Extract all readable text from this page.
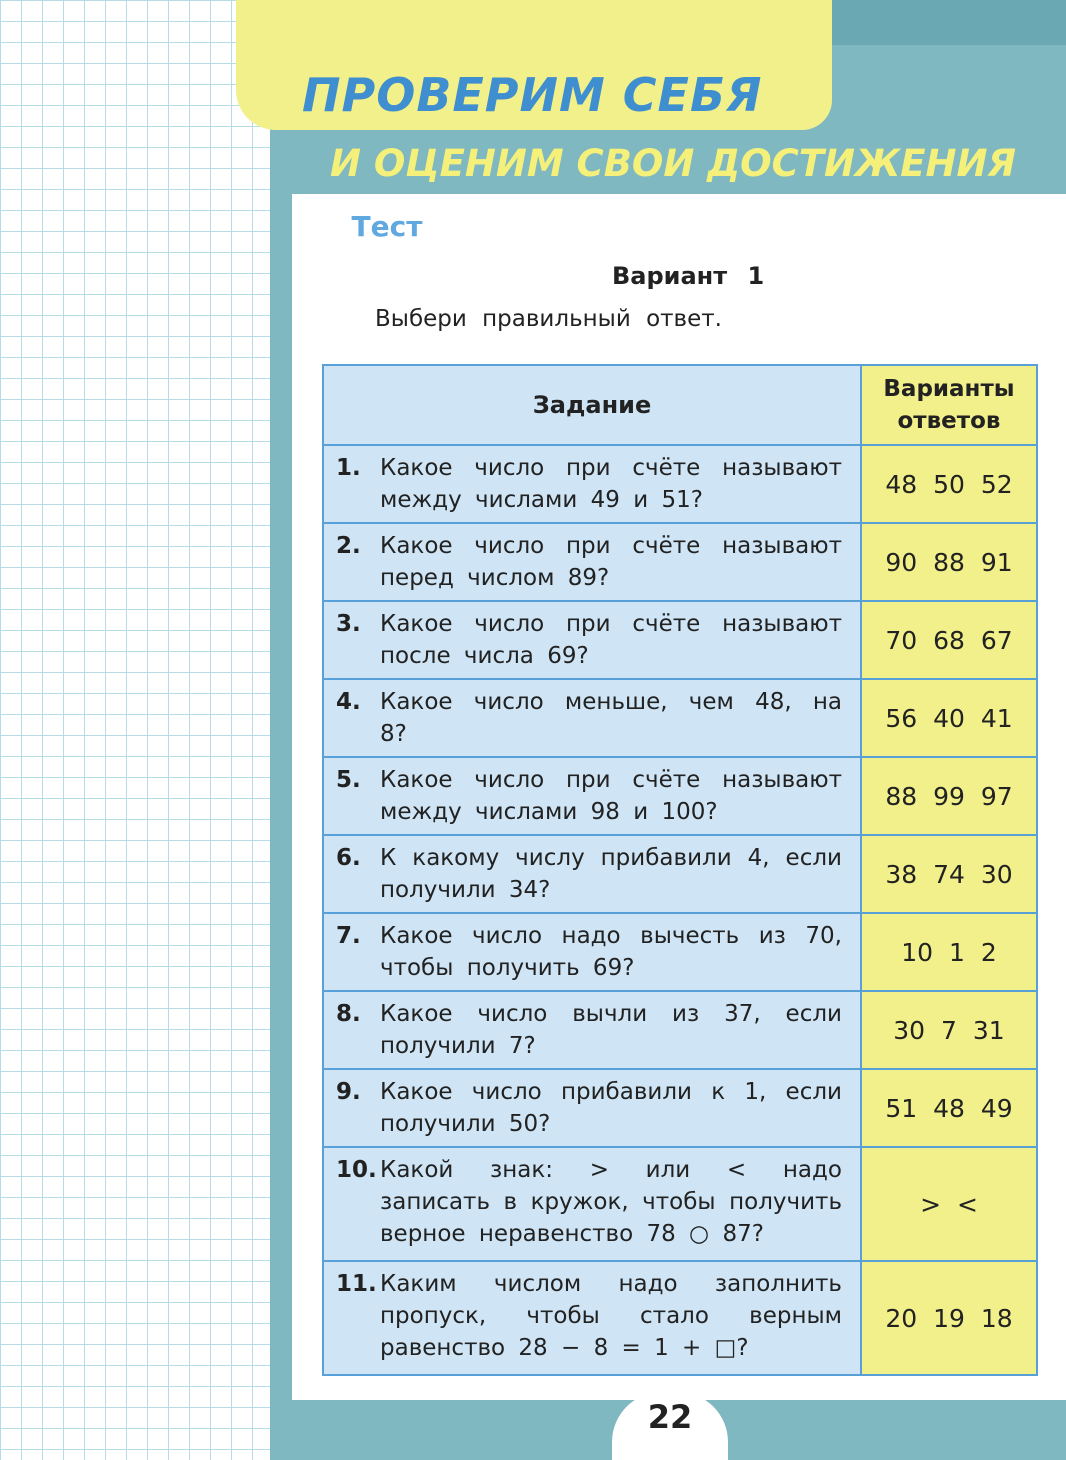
ПРОВЕРИМ СЕБЯ
И ОЦЕНИМ СВОИ ДОСТИЖЕНИЯ
Тест
Вариант 1
Выбери правильный ответ.
Задание	Варианты ответов
1. Какое число при счёте называют между числами 49 и 51?	48 50 52
2. Какое число при счёте называют перед числом 89?	90 88 91
3. Какое число при счёте называют после числа 69?	70 68 67
4. Какое число меньше, чем 48, на 8?	56 40 41
5. Какое число при счёте называют между числами 98 и 100?	88 99 97
6. К какому числу прибавили 4, если получили 34?	38 74 30
7. Какое число надо вычесть из 70, чтобы получить 69?	10 1 2
8. Какое число вычли из 37, если получили 7?	30 7 31
9. Какое число прибавили к 1, если получили 50?	51 48 49
10. Какой знак: > или < надо записать в кружок, чтобы получить верное неравенство 78 ○ 87?	> <
11. Каким числом надо заполнить пропуск, чтобы стало верным равенство 28 − 8 = 1 + □?	20 19 18
22
